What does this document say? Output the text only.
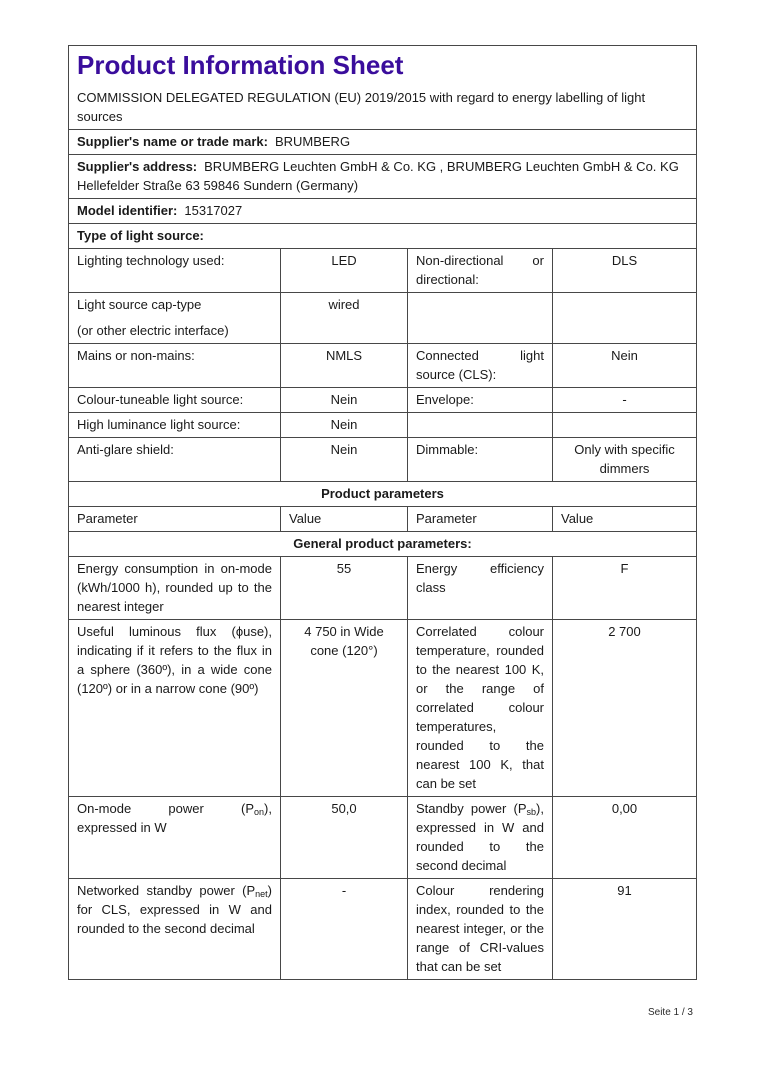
Product Information Sheet
COMMISSION DELEGATED REGULATION (EU) 2019/2015 with regard to energy labelling of light sources

Supplier's name or trade mark: BRUMBERG			
Supplier's address: BRUMBERG Leuchten GmbH & Co. KG , BRUMBERG Leuchten GmbH & Co. KG Hellefelder Straße 63 59846 Sundern (Germany)			
Model identifier: 15317027			
Type of light source:			
Lighting technology used:	LED	Non-directional or directional:	DLS

Light source cap-type
(or other electric interface)	wired		
Mains or non-mains:	NMLS	Connected light source (CLS):	Nein
Colour-tuneable light source:	Nein	Envelope:	-
High luminance light source:	Nein		
Anti-glare shield:	Nein	Dimmable:	Only with specific dimmers
Product parameters			
Parameter	Value	Parameter	Value
General product parameters:			
Energy consumption in on-mode (kWh/1000 h), rounded up to the nearest integer	55	Energy efficiency class	F
Useful luminous flux (ϕuse), indicating if it refers to the flux in a sphere (360º), in a wide cone (120º) or in a narrow cone (90º)	4 750 in Wide cone (120°)	Correlated colour temperature, rounded to the nearest 100 K, or the range of correlated colour temperatures, rounded to the nearest 100 K, that can be set	2 700

On-mode power $(P_{on})$,
expressed in W	50,0	Standby power $(P_{sb})$, expressed in W and rounded to the second decimal	0,00
Networked standby power $(P_{net})$ for CLS, expressed in W and rounded to the second decimal	-	Colour rendering index, rounded to the nearest integer, or the range of CRI-values that can be set	91
Seite 1 / 3
